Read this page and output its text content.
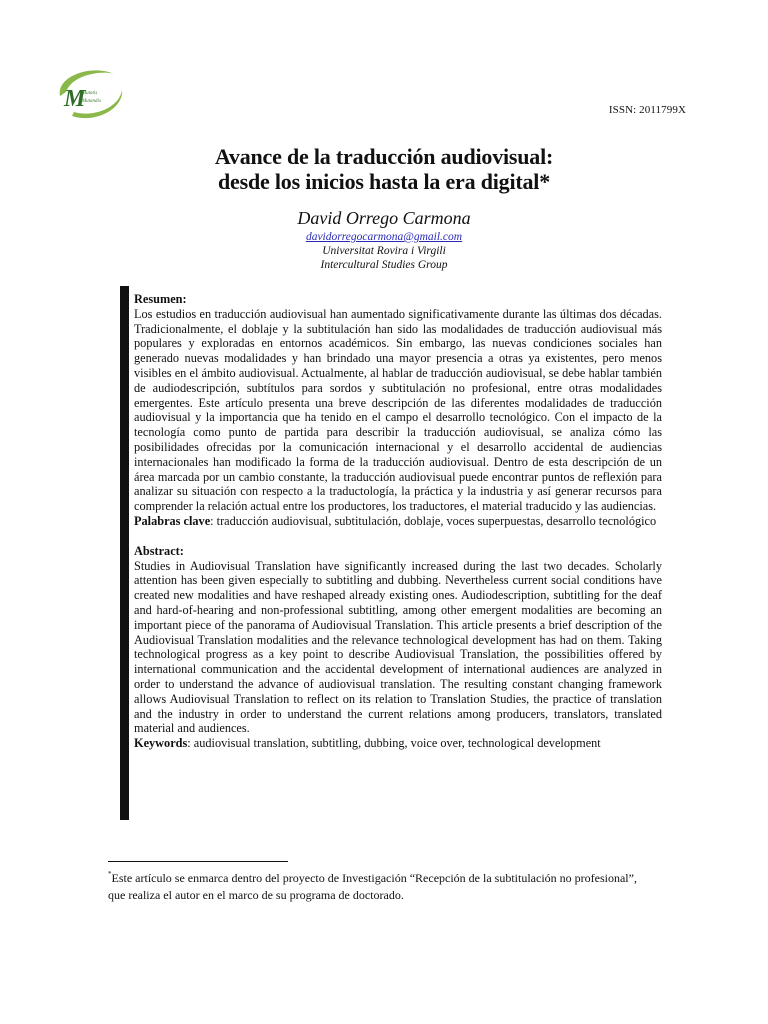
M
Mutatis
Mutandis
ISSN: 2011799X
Avance de la traducción audiovisual:
desde los inicios hasta la era digital*
David Orrego Carmona
davidorregocarmona@gmail.com
Universitat Rovira i Virgili
Intercultural Studies Group

Resumen:
Los estudios en traducción audiovisual han aumentado significativamente durante las últimas dos décadas. Tradicionalmente, el doblaje y la subtitulación han sido las modalidades de traducción audiovisual más populares y exploradas en entornos académicos. Sin embargo, las nuevas condiciones sociales han generado nuevas modalidades y han brindado una mayor presencia a otras ya existentes, pero menos visibles en el ámbito audiovisual. Actualmente, al hablar de traducción audiovisual, se debe hablar también de audiodescripción, subtítulos para sordos y subtitulación no profesional, entre otras modalidades emergentes. Este artículo presenta una breve descripción de las diferentes modalidades de traducción audiovisual y la importancia que ha tenido en el campo el desarrollo tecnológico. Con el impacto de la tecnología como punto de partida para describir la traducción audiovisual, se analiza cómo las posibilidades ofrecidas por la comunicación internacional y el desarrollo accidental de audiencias internacionales han modificado la forma de la traducción audiovisual. Dentro de esta descripción de un área marcada por un cambio constante, la traducción audiovisual puede encontrar puntos de reflexión para analizar su situación con respecto a la traductología, la práctica y la industria y así generar recursos para comprender la relación actual entre los productores, los traductores, el material traducido y las audiencias.

Palabras clave: traducción audiovisual, subtitulación, doblaje, voces superpuestas, desarrollo tecnológico

Abstract:
Studies in Audiovisual Translation have significantly increased during the last two decades. Scholarly attention has been given especially to subtitling and dubbing. Nevertheless current social conditions have created new modalities and have reshaped already existing ones. Audiodescription, subtitling for the deaf and hard-of-hearing and non-professional subtitling, among other emergent modalities are becoming an important piece of the panorama of Audiovisual Translation. This article presents a brief description of the Audiovisual Translation modalities and the relevance technological development has had on them. Taking technological progress as a key point to describe Audiovisual Translation, the possibilities offered by international communication and the accidental development of international audiences are analyzed in order to understand the advance of audiovisual translation. The resulting constant changing framework allows Audiovisual Translation to reflect on its relation to Translation Studies, the practice of translation and the industry in order to understand the current relations among producers, translators, translated material and audiences.

Keywords: audiovisual translation, subtitling, dubbing, voice over, technological development

*Este artículo se enmarca dentro del proyecto de Investigación “Recepción de la subtitulación no profesional”, que realiza el autor en el marco de su programa de doctorado.
